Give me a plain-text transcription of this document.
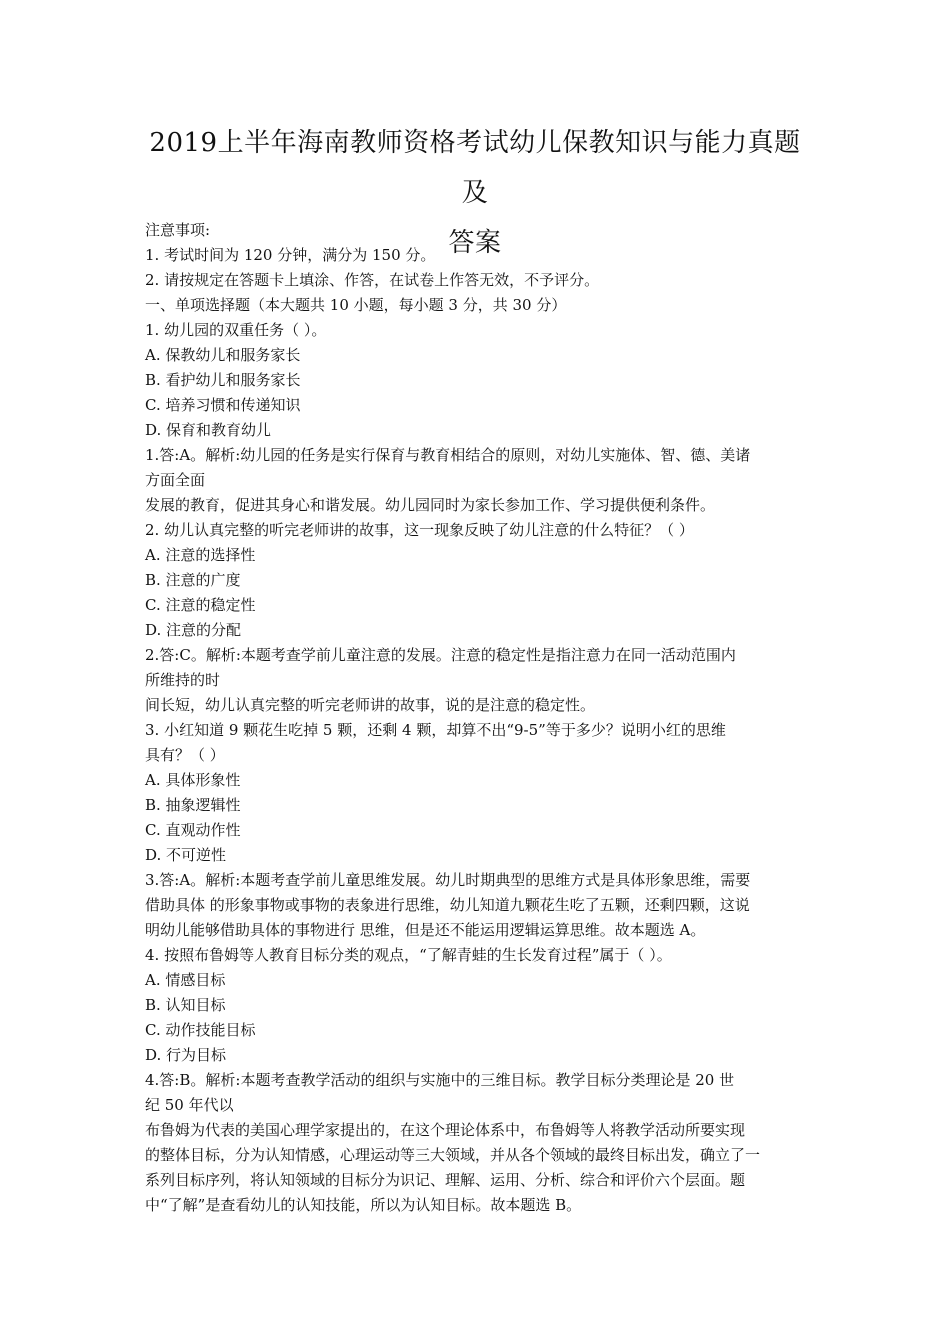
2019上半年海南教师资格考试幼儿保教知识与能力真题及
答案
注意事项:
1. 考试时间为 120 分钟，满分为 150 分。
2. 请按规定在答题卡上填涂、作答，在试卷上作答无效，不予评分。
一、单项选择题（本大题共 10 小题，每小题 3 分，共 30 分）
1. 幼儿园的双重任务（ ）。
A. 保教幼儿和服务家长
B. 看护幼儿和服务家长
C. 培养习惯和传递知识
D. 保育和教育幼儿
1.答:A。解析:幼儿园的任务是实行保育与教育相结合的原则，对幼儿实施体、智、德、美诸
方面全面
发展的教育，促进其身心和谐发展。幼儿园同时为家长参加工作、学习提供便利条件。
2. 幼儿认真完整的听完老师讲的故事，这一现象反映了幼儿注意的什么特征？（ ）
A. 注意的选择性
B. 注意的广度
C. 注意的稳定性
D. 注意的分配
2.答:C。解析:本题考查学前儿童注意的发展。注意的稳定性是指注意力在同一活动范围内
所维持的时
间长短，幼儿认真完整的听完老师讲的故事，说的是注意的稳定性。
3. 小红知道 9 颗花生吃掉 5 颗，还剩 4 颗，却算不出“9-5”等于多少？说明小红的思维
具有？（ ）
A. 具体形象性
B. 抽象逻辑性
C. 直观动作性
D. 不可逆性
3.答:A。解析:本题考查学前儿童思维发展。幼儿时期典型的思维方式是具体形象思维，需要
借助具体 的形象事物或事物的表象进行思维，幼儿知道九颗花生吃了五颗，还剩四颗，这说
明幼儿能够借助具体的事物进行 思维，但是还不能运用逻辑运算思维。故本题选 A。
4. 按照布鲁姆等人教育目标分类的观点，“了解青蛙的生长发育过程”属于（ ）。
A. 情感目标
B. 认知目标
C. 动作技能目标
D. 行为目标
4.答:B。解析:本题考查教学活动的组织与实施中的三维目标。教学目标分类理论是 20 世
纪 50 年代以
布鲁姆为代表的美国心理学家提出的，在这个理论体系中，布鲁姆等人将教学活动所要实现
的整体目标，分为认知情感，心理运动等三大领域，并从各个领域的最终目标出发，确立了一
系列目标序列，将认知领域的目标分为识记、理解、运用、分析、综合和评价六个层面。题
中“了解”是查看幼儿的认知技能，所以为认知目标。故本题选 B。
